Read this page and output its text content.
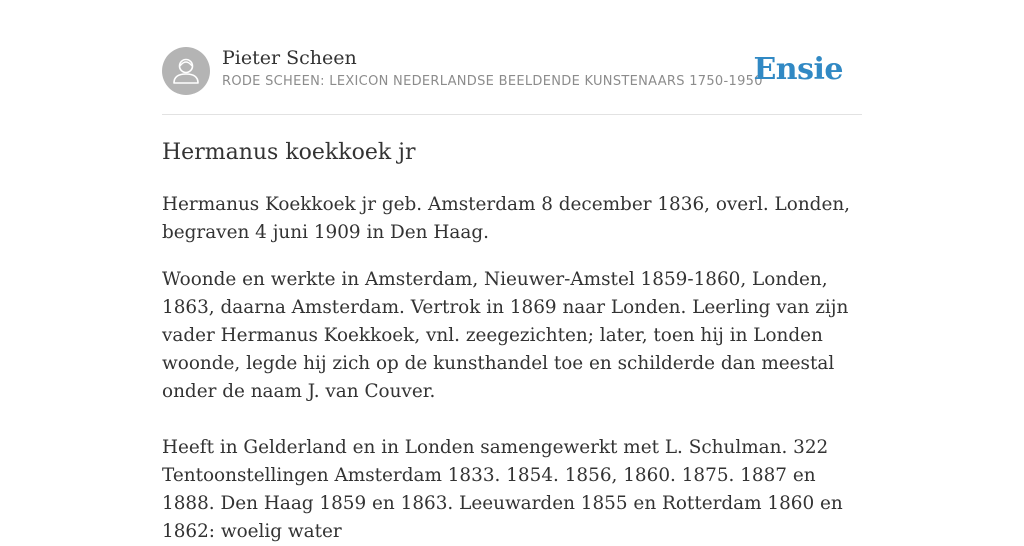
Pieter Scheen
RODE SCHEEN: LEXICON NEDERLANDSE BEELDENDE KUNSTENAARS 1750-1950
Ensie
Hermanus koekkoek jr

Hermanus Koekkoek jr geb. Amsterdam 8 december 1836, overl. Londen, begraven 4 juni 1909 in Den Haag.

Woonde en werkte in Amsterdam, Nieuwer-Amstel 1859-1860, Londen, 1863, daarna Amsterdam. Vertrok in 1869 naar Londen. Leerling van zijn vader Hermanus Koekkoek, vnl. zeegezichten; later, toen hij in Londen woonde, legde hij zich op de kunsthandel toe en schilderde dan meestal onder de naam J. van Couver.

Heeft in Gelderland en in Londen samengewerkt met L. Schulman. 322 Tentoonstellingen Amsterdam 1833. 1854. 1856, 1860. 1875. 1887 en 1888. Den Haag 1859 en 1863. Leeuwarden 1855 en Rotterdam 1860 en 1862: woelig water
